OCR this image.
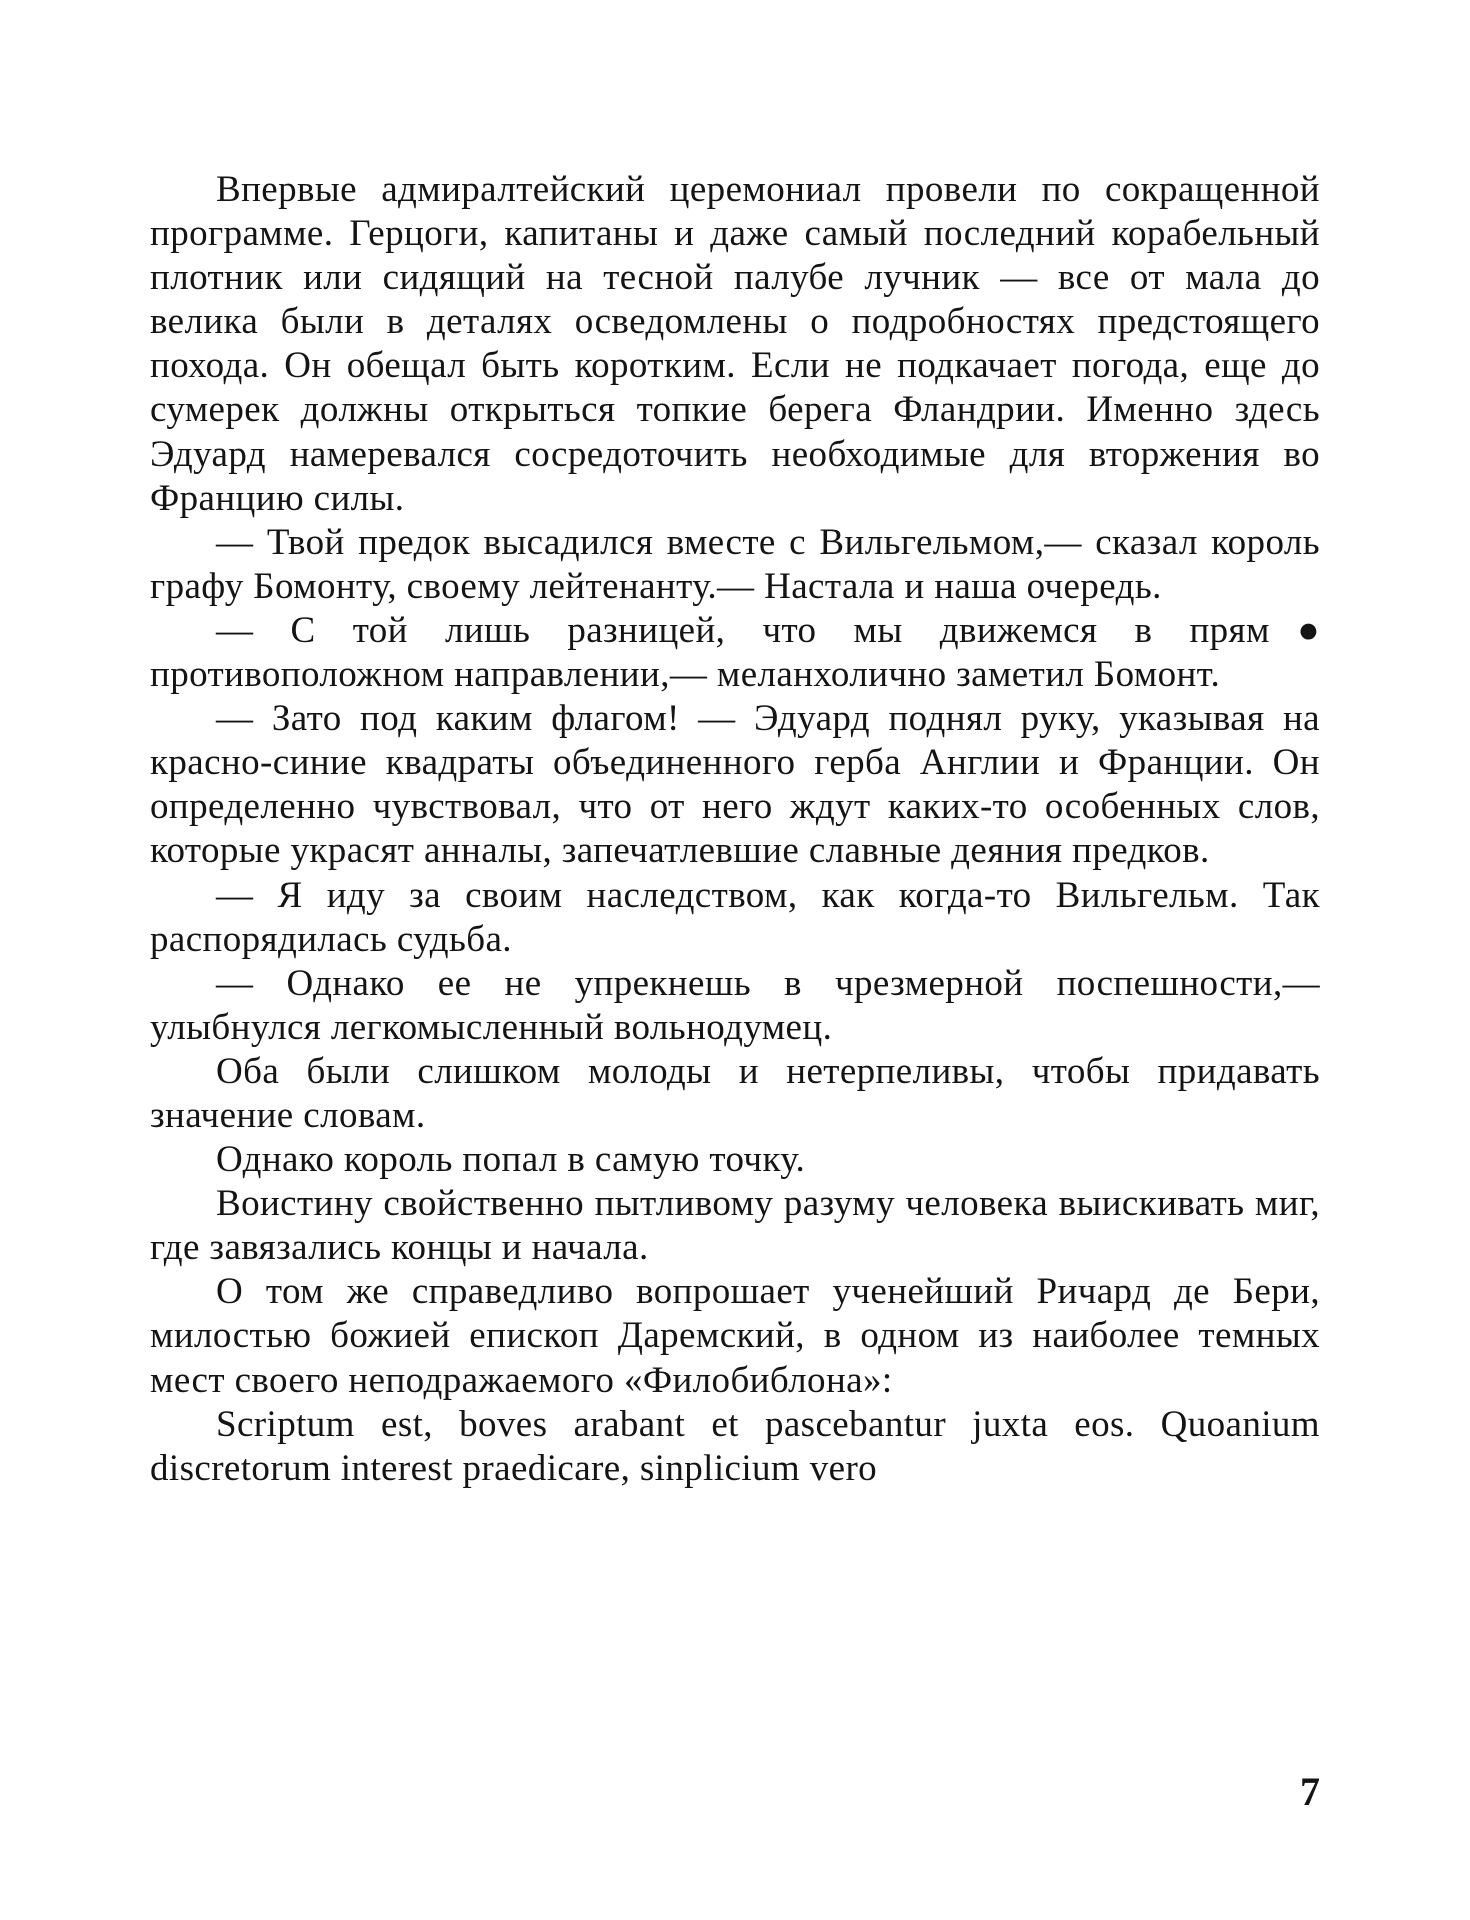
Впервые адмиралтейский церемониал провели по сокращенной программе. Герцоги, капитаны и даже самый последний корабельный плотник или сидящий на тесной палубе лучник — все от мала до велика были в деталях осведомлены о подробностях предстоящего похода. Он обещал быть коротким. Если не подкачает погода, еще до сумерек должны открыться топкие берега Фландрии. Именно здесь Эдуард намеревался сосредоточить необходимые для вторжения во Францию силы.

— Твой предок высадился вместе с Вильгельмом,— сказал король графу Бомонту, своему лейтенанту.— Настала и наша очередь.

— С той лишь разницей, что мы движемся в прям● противоположном направлении,— меланхолично заметил Бомонт.

— Зато под каким флагом! — Эдуард поднял руку, указывая на красно-синие квадраты объединенного герба Англии и Франции. Он определенно чувствовал, что от него ждут каких-то особенных слов, которые украсят анналы, запечатлевшие славные деяния предков.

— Я иду за своим наследством, как когда-то Вильгельм. Так распорядилась судьба.

— Однако ее не упрекнешь в чрезмерной поспешности,— улыбнулся легкомысленный вольнодумец.

Оба были слишком молоды и нетерпеливы, чтобы придавать значение словам.

Однако король попал в самую точку.

Воистину свойственно пытливому разуму человека выискивать миг, где завязались концы и начала.

О том же справедливо вопрошает ученейший Ричард де Бери, милостью божией епископ Даремский, в одном из наиболее темных мест своего неподражаемого «Филобиблона»:

Scriptum est, boves arabant et pascebantur juxta eos. Quoanium discretorum interest praedicare, sinplicium vero

7
